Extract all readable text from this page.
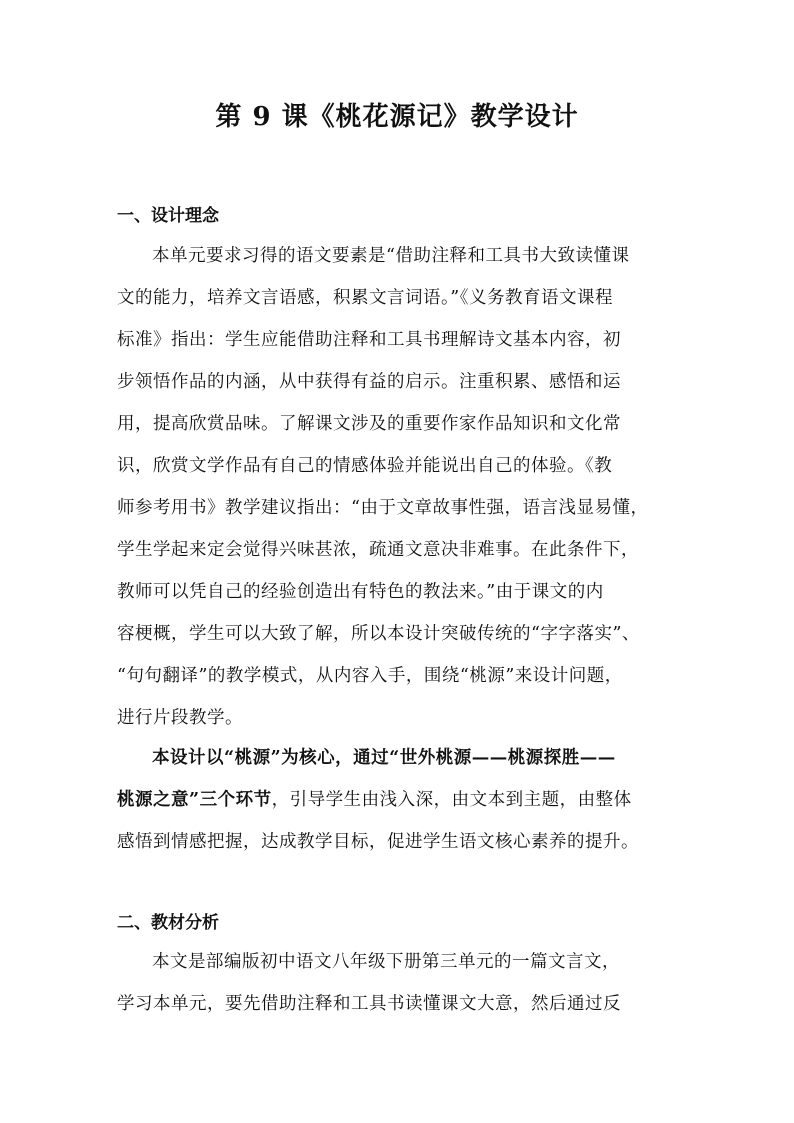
第 9 课《桃花源记》教学设计
一、设计理念
本单元要求习得的语文要素是“借助注释和工具书大致读懂课
文的能力，培养文言语感，积累文言词语。”《义务教育语文课程
标准》指出：学生应能借助注释和工具书理解诗文基本内容，初
步领悟作品的内涵，从中获得有益的启示。注重积累、感悟和运
用，提高欣赏品味。了解课文涉及的重要作家作品知识和文化常
识，欣赏文学作品有自己的情感体验并能说出自己的体验。《教
师参考用书》教学建议指出：“由于文章故事性强，语言浅显易懂，
学生学起来定会觉得兴味甚浓，疏通文意决非难事。在此条件下，
教师可以凭自己的经验创造出有特色的教法来。”由于课文的内
容梗概，学生可以大致了解，所以本设计突破传统的“字字落实”、
“句句翻译”的教学模式，从内容入手，围绕“桃源”来设计问题，
进行片段教学。
本设计以“桃源”为核心，通过“世外桃源——桃源探胜——
桃源之意”三个环节，引导学生由浅入深，由文本到主题，由整体
感悟到情感把握，达成教学目标，促进学生语文核心素养的提升。
二、教材分析
本文是部编版初中语文八年级下册第三单元的一篇文言文，
学习本单元，要先借助注释和工具书读懂课文大意，然后通过反
